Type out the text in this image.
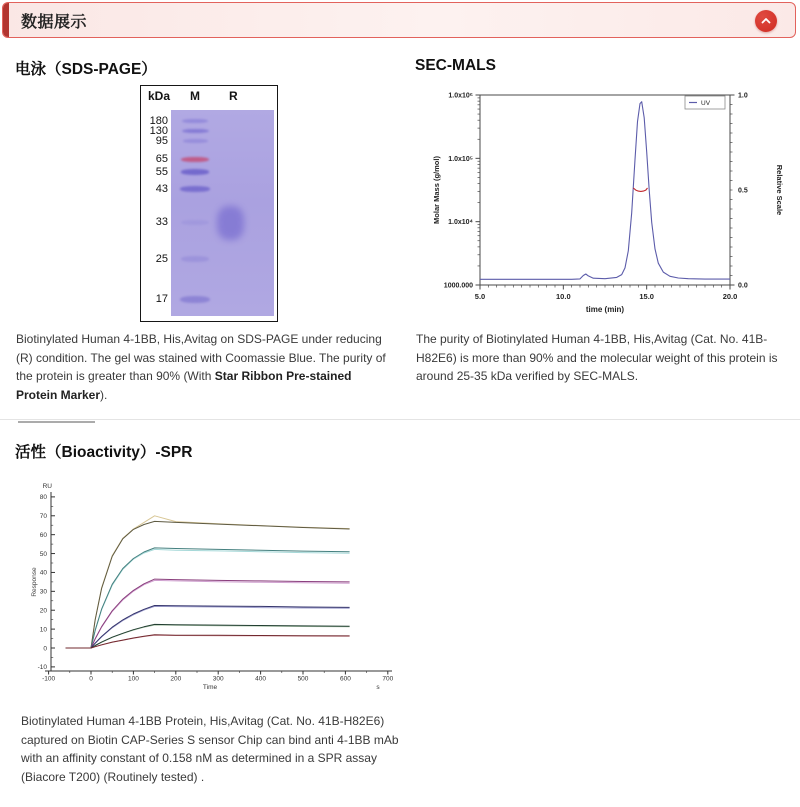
数据展示
电泳（SDS-PAGE）
kDa M R
180
130
95
65
55
43
33
25
17

Biotinylated Human 4-1BB, His,Avitag on SDS-PAGE under reducing (R) condition. The gel was stained with Coomassie Blue. The purity of the protein is greater than 90% (With Star Ribbon Pre-stained Protein Marker).

SEC-MALS
1.0x10⁶
1.0x10⁵
1.0x10⁴
1000.000
1.0
0.5
0.0
5.0	10.0	15.0	20.0
Molar Mass (g/mol)	Relative Scale
time (min)
UV

The purity of Biotinylated Human 4-1BB, His,Avitag (Cat. No. 41B-H82E6) is more than 90% and the molecular weight of this protein is around 25-35 kDa verified by SEC-MALS.

活性（Bioactivity）-SPR
-10
0
10
20
30
40
50
60
70
80
-100	0	100	200	300	400	500	600	700
RU
Response
Time	s

Biotinylated Human 4-1BB Protein, His,Avitag (Cat. No. 41B-H82E6) captured on Biotin CAP-Series S sensor Chip can bind anti 4-1BB mAb with an affinity constant of 0.158 nM as determined in a SPR assay (Biacore T200) (Routinely tested) .
